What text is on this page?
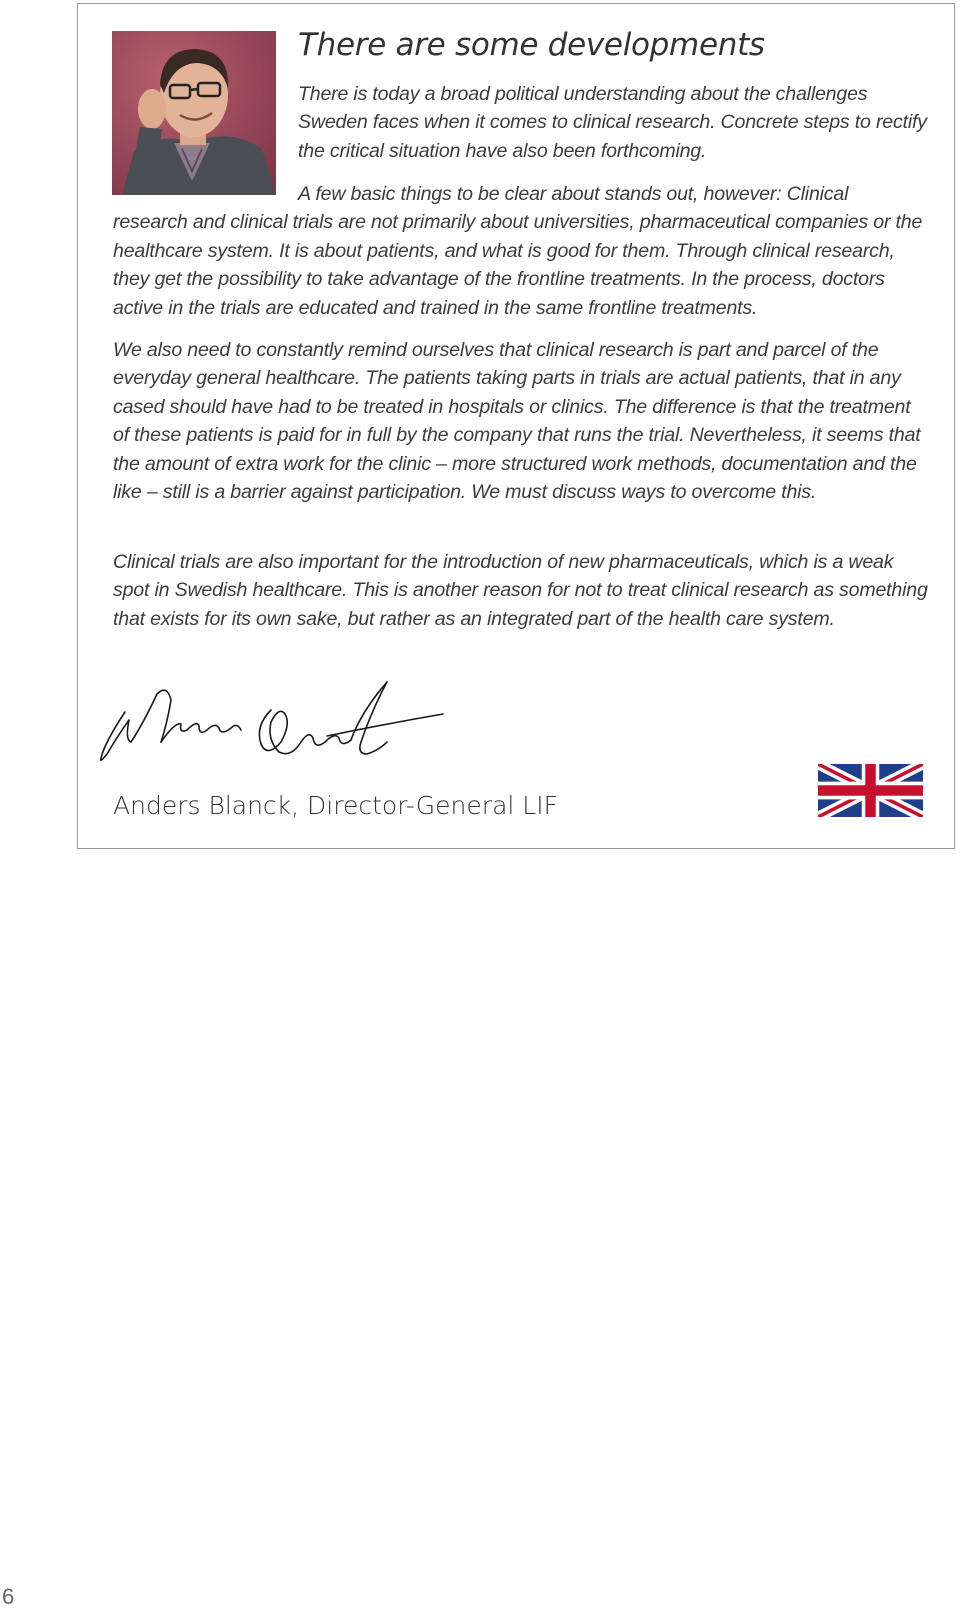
There are some developments

There is today a broad political understanding about the challenges Sweden faces when it comes to clinical research. Concrete steps to rectify the critical situation have also been forthcoming.

A few basic things to be clear about stands out, however: Clinical research and clinical trials are not primarily about universities, pharmaceutical companies or the healthcare system. It is about patients, and what is good for them. Through clinical research, they get the possibility to take advantage of the frontline treatments. In the process, doctors active in the trials are educated and trained in the same frontline treatments.

We also need to constantly remind ourselves that clinical research is part and parcel of the everyday general healthcare. The patients taking parts in trials are actual patients, that in any cased should have had to be treated in hospitals or clinics. The difference is that the treatment of these patients is paid for in full by the company that runs the trial. Nevertheless, it seems that the amount of extra work for the clinic – more structured work methods, documentation and the like – still is a barrier against participation. We must discuss ways to overcome this.

Clinical trials are also important for the introduction of new pharmaceuticals, which is a weak spot in Swedish healthcare. This is another reason for not to treat clinical research as something that exists for its own sake, but rather as an integrated part of the health care system.

Anders Blanck, Director-General LIF

6
